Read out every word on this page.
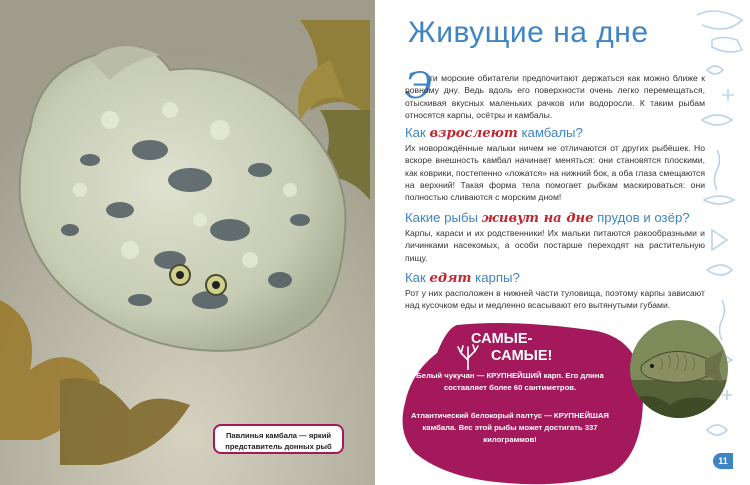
Павлинья камбала — яркий
представитель донных рыб
Живущие на дне
Э
ти морские обитатели предпочитают держаться как можно ближе к ровному дну. Ведь вдоль его поверхности очень легко перемещаться, отыскивая вкусных маленьких рачков или водоросли. К таким рыбам относятся карпы, осётры и камбалы.
Как взрослеют камбалы?
Их новорождённые мальки ничем не отличаются от других рыбёшек. Но вскоре внешность камбал начинает меняться: они становятся плоскими, как коврики, постепенно «ложатся» на нижний бок, а оба глаза смещаются на верхний! Такая форма тела помогает рыбкам маскироваться: они полностью сливаются с морским дном!
Какие рыбы живут на дне прудов и озёр?
Карпы, караси и их родственники! Их мальки питаются ракообразными и личинками насекомых, а особи постарше переходят на растительную пищу.
Как едят карпы?
Рот у них расположен в нижней части туловища, поэтому карпы зависают над кусочком еды и медленно всасывают его вытянутыми губами.
САМЫЕ-
САМЫЕ!
Белый чукучан — КРУПНЕЙШИЙ карп. Его длина составляет более 60 сантиметров.
Атлантический белокорый палтус — КРУПНЕЙШАЯ камбала. Вес этой рыбы может достигать 337 килограммов!
11
